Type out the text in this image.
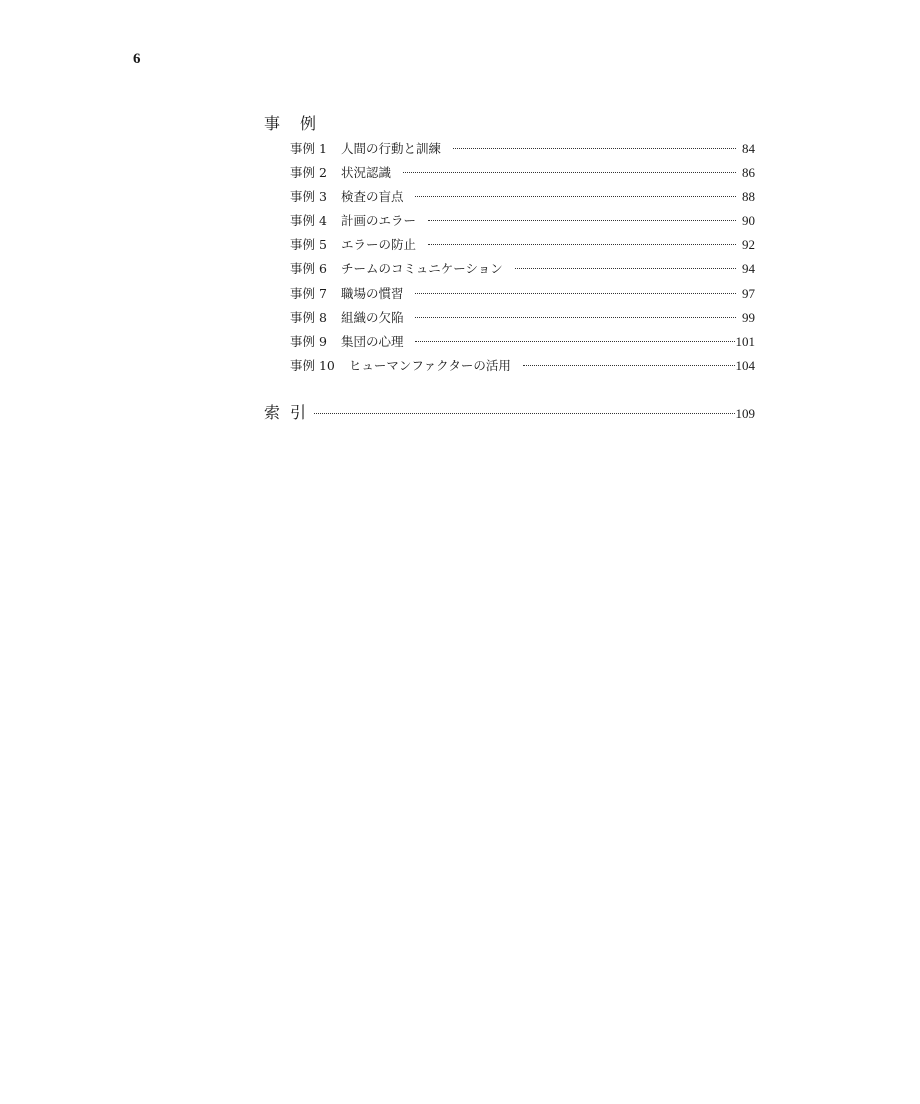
6
事 例
事例 1 人間の行動と訓練	84
事例 2 状況認識	86
事例 3 検査の盲点	88
事例 4 計画のエラー	90
事例 5 エラーの防止	92
事例 6 チームのコミュニケーション	94
事例 7 職場の慣習	97
事例 8 組織の欠陥	99
事例 9 集団の心理	101
事例 10 ヒューマンファクターの活用	104
索 引	109
